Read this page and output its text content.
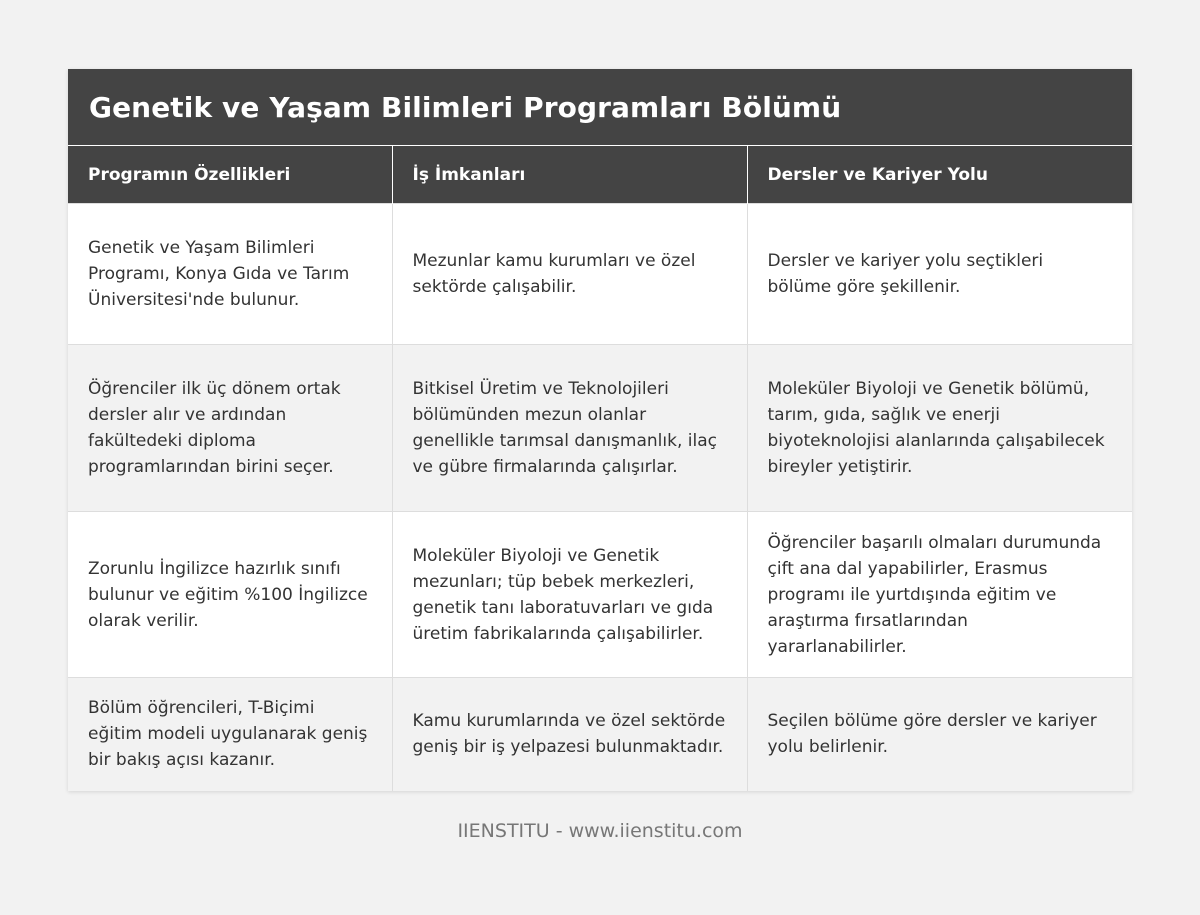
Genetik ve Yaşam Bilimleri Programları Bölümü
Programın Özellikleri	İş İmkanları	Dersler ve Kariyer Yolu
Genetik ve Yaşam Bilimleri Programı, Konya Gıda ve Tarım Üniversitesi'nde bulunur.	Mezunlar kamu kurumları ve özel sektörde çalışabilir.	Dersler ve kariyer yolu seçtikleri bölüme göre şekillenir.
Öğrenciler ilk üç dönem ortak dersler alır ve ardından fakültedeki diploma programlarından birini seçer.	Bitkisel Üretim ve Teknolojileri bölümünden mezun olanlar genellikle tarımsal danışmanlık, ilaç ve gübre firmalarında çalışırlar.	Moleküler Biyoloji ve Genetik bölümü, tarım, gıda, sağlık ve enerji biyoteknolojisi alanlarında çalışabilecek bireyler yetiştirir.
Zorunlu İngilizce hazırlık sınıfı bulunur ve eğitim %100 İngilizce olarak verilir.	Moleküler Biyoloji ve Genetik mezunları; tüp bebek merkezleri, genetik tanı laboratuvarları ve gıda üretim fabrikalarında çalışabilirler.	Öğrenciler başarılı olmaları durumunda çift ana dal yapabilirler, Erasmus programı ile yurtdışında eğitim ve araştırma fırsatlarından yararlanabilirler.
Bölüm öğrencileri, T-Biçimi eğitim modeli uygulanarak geniş bir bakış açısı kazanır.	Kamu kurumlarında ve özel sektörde geniş bir iş yelpazesi bulunmaktadır.	Seçilen bölüme göre dersler ve kariyer yolu belirlenir.
IIENSTITU - www.iienstitu.com
